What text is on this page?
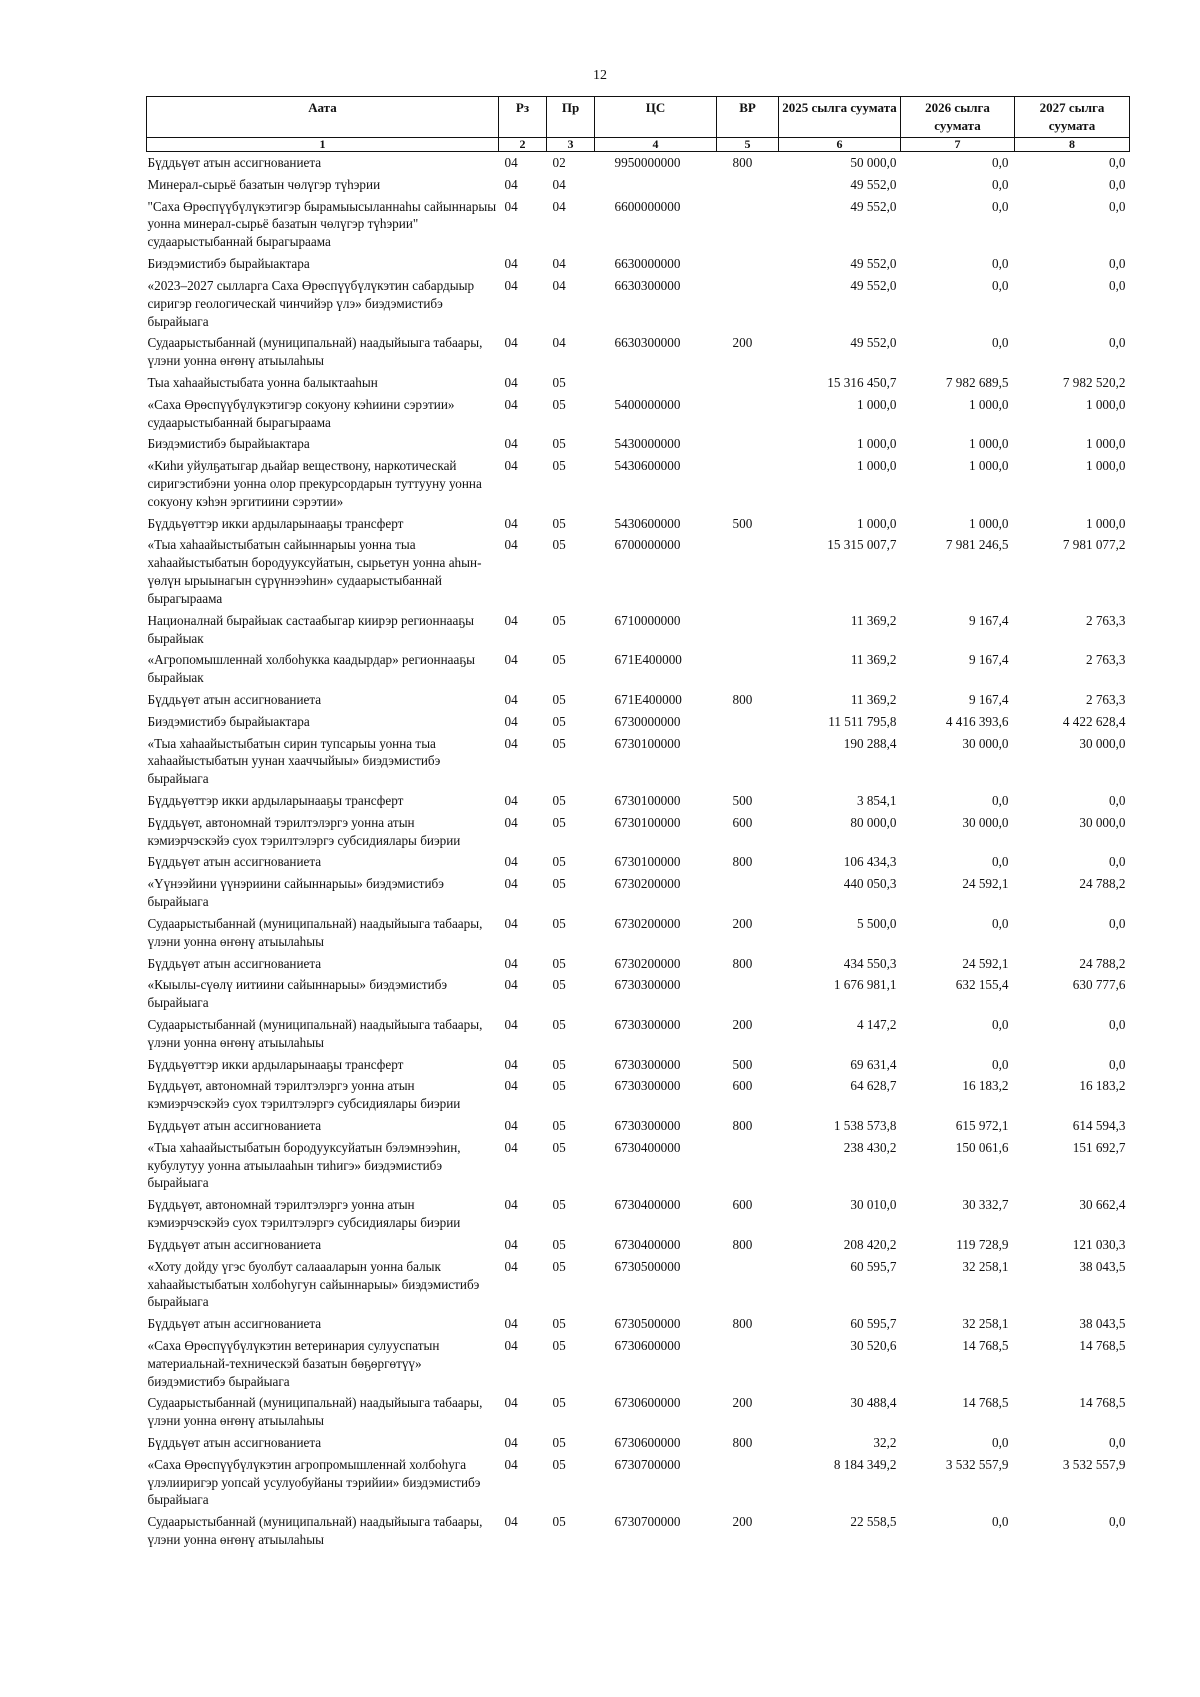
12
Аата	Рз	Пр	ЦС	ВР	2025 сылга суумата	2026 сылга суумата	2027 сылга суумата
1	2	3	4	5	6	7	8
Бүддьүөт атын ассигнованиета	04	02	9950000000	800	50 000,0	0,0	0,0
Минерал-сырьё базатын чөлүгэр түһэрии	04	04			49 552,0	0,0	0,0
"Саха Өрөспүүбүлүкэтигэр бырамыысыланнаһы сайыннарыы уонна минерал-сырьё базатын чөлүгэр түһэрии" судаарыстыбаннай бырагыраама	04	04	6600000000		49 552,0	0,0	0,0
Биэдэмистибэ бырайыактара	04	04	6630000000		49 552,0	0,0	0,0
«2023–2027 сылларга Саха Өрөспүүбүлүкэтин сабардыыр сиригэр геологическай чинчийэр үлэ» биэдэмистибэ бырайыага	04	04	6630300000		49 552,0	0,0	0,0
Судаарыстыбаннай (муниципальнай) наадыйыыга табаары, үлэни уонна өҥөнү атыылаһыы	04	04	6630300000	200	49 552,0	0,0	0,0
Тыа хаһаайыстыбата уонна балыктааһын	04	05			15 316 450,7	7 982 689,5	7 982 520,2
«Саха Өрөспүүбүлүкэтигэр сокуону кэһиини сэрэтии» судаарыстыбаннай бырагыраама	04	05	5400000000		1 000,0	1 000,0	1 000,0
Биэдэмистибэ бырайыактара	04	05	5430000000		1 000,0	1 000,0	1 000,0
«Киһи уйулҕатыгар дьайар веществону, наркотическай сиригэстибэни уонна олор прекурсордарын туттууну уонна сокуону кэһэн эргитиини сэрэтии»	04	05	5430600000		1 000,0	1 000,0	1 000,0
Бүддьүөттэр икки ардыларынааҕы трансферт	04	05	5430600000	500	1 000,0	1 000,0	1 000,0
«Тыа хаһаайыстыбатын сайыннарыы уонна тыа хаһаайыстыбатын бородууксуйатын, сырьетун уонна аһын-үөлүн ырыынагын сүрүннээһин» судаарыстыбаннай бырагыраама	04	05	6700000000		15 315 007,7	7 981 246,5	7 981 077,2
Националнай бырайыак састаабыгар киирэр регионнааҕы бырайыак	04	05	6710000000		11 369,2	9 167,4	2 763,3
«Агропомышленнай холбоһукка каадырдар» регионнааҕы бырайыак	04	05	671Е400000		11 369,2	9 167,4	2 763,3
Бүддьүөт атын ассигнованиета	04	05	671Е400000	800	11 369,2	9 167,4	2 763,3
Биэдэмистибэ бырайыактара	04	05	6730000000		11 511 795,8	4 416 393,6	4 422 628,4
«Тыа хаһаайыстыбатын сирин тупсарыы уонна тыа хаһаайыстыбатын уунан хааччыйыы» биэдэмистибэ бырайыага	04	05	6730100000		190 288,4	30 000,0	30 000,0
Бүддьүөттэр икки ардыларынааҕы трансферт	04	05	6730100000	500	3 854,1	0,0	0,0
Бүддьүөт, автономнай тэрилтэлэргэ уонна атын кэмиэрчэскэйэ суох тэрилтэлэргэ субсидиялары биэрии	04	05	6730100000	600	80 000,0	30 000,0	30 000,0
Бүддьүөт атын ассигнованиета	04	05	6730100000	800	106 434,3	0,0	0,0
«Үүнээйини үүнэриини сайыннарыы» биэдэмистибэ бырайыага	04	05	6730200000		440 050,3	24 592,1	24 788,2
Судаарыстыбаннай (муниципальнай) наадыйыыга табаары, үлэни уонна өҥөнү атыылаһыы	04	05	6730200000	200	5 500,0	0,0	0,0
Бүддьүөт атын ассигнованиета	04	05	6730200000	800	434 550,3	24 592,1	24 788,2
«Кыылы-сүөлү иитиини сайыннарыы» биэдэмистибэ бырайыага	04	05	6730300000		1 676 981,1	632 155,4	630 777,6
Судаарыстыбаннай (муниципальнай) наадыйыыга табаары, үлэни уонна өҥөнү атыылаһыы	04	05	6730300000	200	4 147,2	0,0	0,0
Бүддьүөттэр икки ардыларынааҕы трансферт	04	05	6730300000	500	69 631,4	0,0	0,0
Бүддьүөт, автономнай тэрилтэлэргэ уонна атын кэмиэрчэскэйэ суох тэрилтэлэргэ субсидиялары биэрии	04	05	6730300000	600	64 628,7	16 183,2	16 183,2
Бүддьүөт атын ассигнованиета	04	05	6730300000	800	1 538 573,8	615 972,1	614 594,3
«Тыа хаһаайыстыбатын бородууксуйатын бэлэмнээһин, кубулутуу уонна атыылааһын тиһигэ» биэдэмистибэ бырайыага	04	05	6730400000		238 430,2	150 061,6	151 692,7
Бүддьүөт, автономнай тэрилтэлэргэ уонна атын кэмиэрчэскэйэ суох тэрилтэлэргэ субсидиялары биэрии	04	05	6730400000	600	30 010,0	30 332,7	30 662,4
Бүддьүөт атын ассигнованиета	04	05	6730400000	800	208 420,2	119 728,9	121 030,3
«Хоту дойду үгэс буолбут салаааларын уонна балык хаһаайыстыбатын холбоһугун сайыннарыы» биэдэмистибэ бырайыага	04	05	6730500000		60 595,7	32 258,1	38 043,5
Бүддьүөт атын ассигнованиета	04	05	6730500000	800	60 595,7	32 258,1	38 043,5
«Саха Өрөспүүбүлүкэтин ветеринария сулууспатын материальнай-техническэй базатын бөҕөргөтүү» биэдэмистибэ бырайыага	04	05	6730600000		30 520,6	14 768,5	14 768,5
Судаарыстыбаннай (муниципальнай) наадыйыыга табаары, үлэни уонна өҥөнү атыылаһыы	04	05	6730600000	200	30 488,4	14 768,5	14 768,5
Бүддьүөт атын ассигнованиета	04	05	6730600000	800	32,2	0,0	0,0
«Саха Өрөспүүбүлүкэтин агропромышленнай холбоһуга үлэлииригэр уопсай усулуобуйаны тэрийии» биэдэмистибэ бырайыага	04	05	6730700000		8 184 349,2	3 532 557,9	3 532 557,9
Судаарыстыбаннай (муниципальнай) наадыйыыга табаары, үлэни уонна өҥөнү атыылаһыы	04	05	6730700000	200	22 558,5	0,0	0,0
